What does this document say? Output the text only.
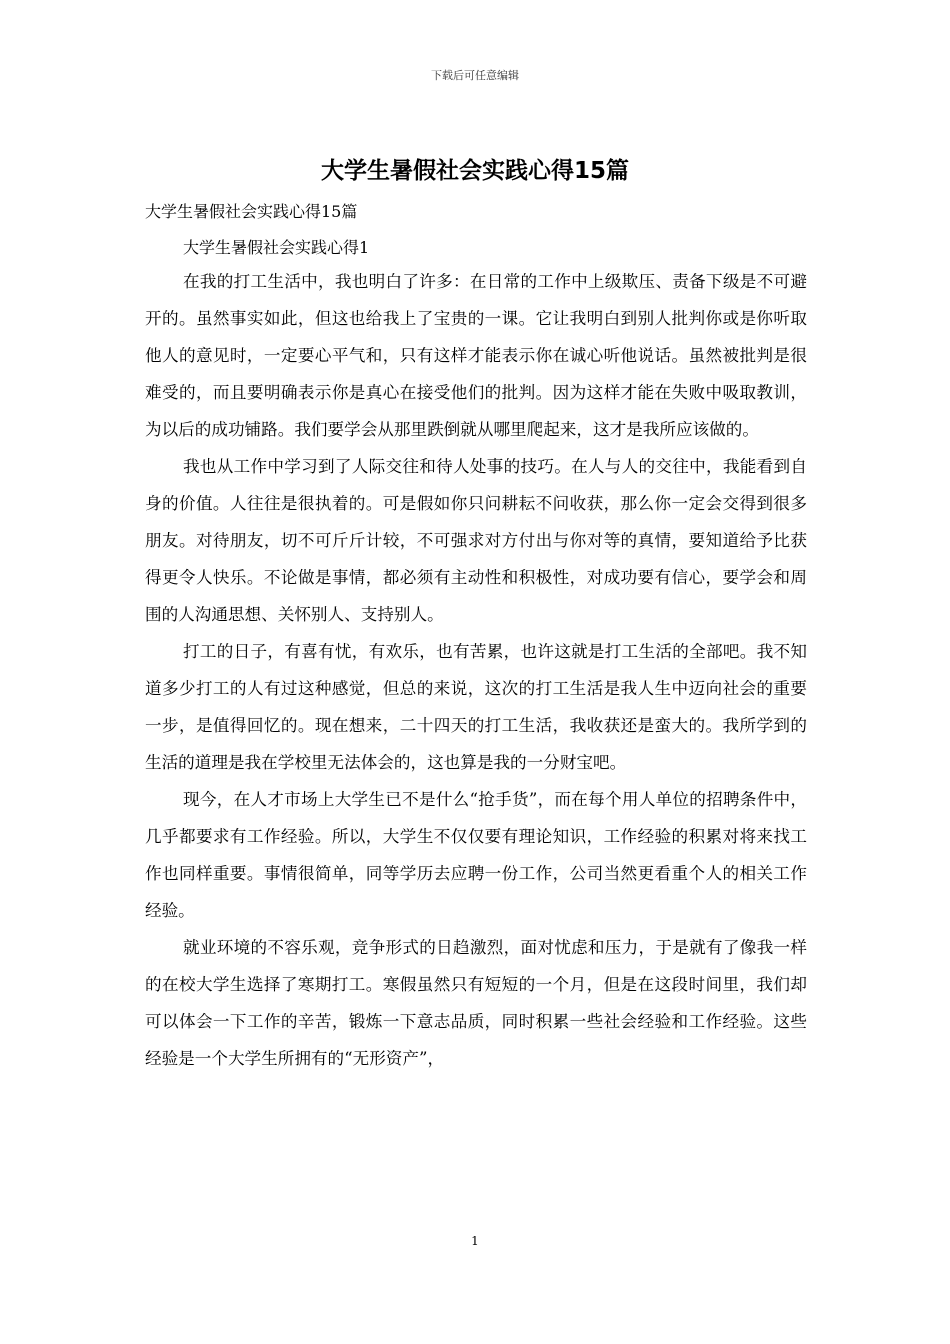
下载后可任意编辑
大学生暑假社会实践心得15篇

大学生暑假社会实践心得15篇

大学生暑假社会实践心得1

在我的打工生活中，我也明白了许多：在日常的工作中上级欺压、责备下级是不可避开的。虽然事实如此，但这也给我上了宝贵的一课。它让我明白到别人批判你或是你听取他人的意见时，一定要心平气和，只有这样才能表示你在诚心听他说话。虽然被批判是很难受的，而且要明确表示你是真心在接受他们的批判。因为这样才能在失败中吸取教训，为以后的成功铺路。我们要学会从那里跌倒就从哪里爬起来，这才是我所应该做的。

我也从工作中学习到了人际交往和待人处事的技巧。在人与人的交往中，我能看到自身的价值。人往往是很执着的。可是假如你只问耕耘不问收获，那么你一定会交得到很多朋友。对待朋友，切不可斤斤计较，不可强求对方付出与你对等的真情，要知道给予比获得更令人快乐。不论做是事情，都必须有主动性和积极性，对成功要有信心，要学会和周围的人沟通思想、关怀别人、支持别人。

打工的日子，有喜有忧，有欢乐，也有苦累，也许这就是打工生活的全部吧。我不知道多少打工的人有过这种感觉，但总的来说，这次的打工生活是我人生中迈向社会的重要一步，是值得回忆的。现在想来，二十四天的打工生活，我收获还是蛮大的。我所学到的生活的道理是我在学校里无法体会的，这也算是我的一分财宝吧。

现今，在人才市场上大学生已不是什么“抢手货”，而在每个用人单位的招聘条件中，几乎都要求有工作经验。所以，大学生不仅仅要有理论知识，工作经验的积累对将来找工作也同样重要。事情很简单，同等学历去应聘一份工作，公司当然更看重个人的相关工作经验。

就业环境的不容乐观，竞争形式的日趋激烈，面对忧虑和压力，于是就有了像我一样的在校大学生选择了寒期打工。寒假虽然只有短短的一个月，但是在这段时间里，我们却可以体会一下工作的辛苦，锻炼一下意志品质，同时积累一些社会经验和工作经验。这些经验是一个大学生所拥有的“无形资产”，

1
